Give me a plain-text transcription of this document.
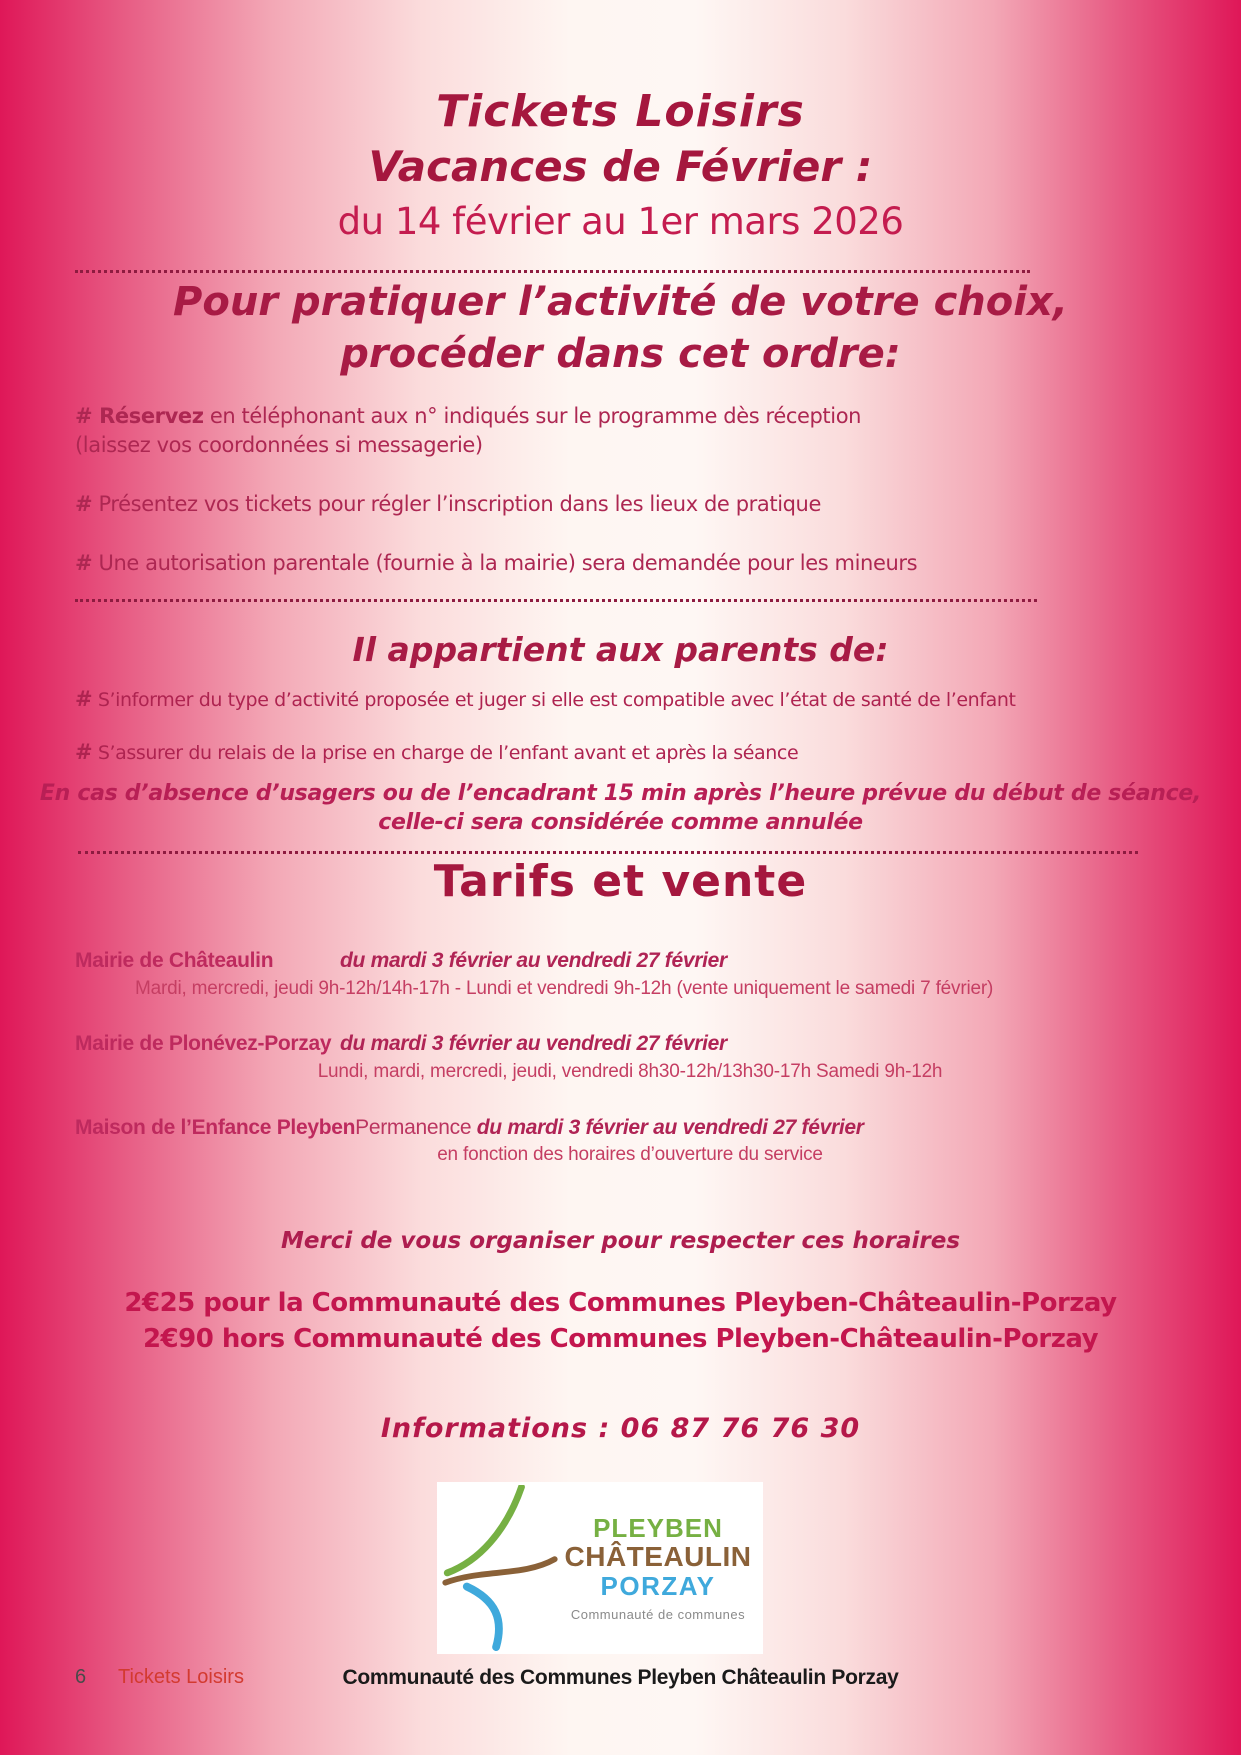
Tickets Loisirs
Vacances de Février :
du 14 février au 1er mars 2026
Pour pratiquer l’activité de votre choix,
procéder dans cet ordre:
# Réservez en téléphonant aux n° indiqués sur le programme dès réception
(laissez vos coordonnées si messagerie)
# Présentez vos tickets pour régler l’inscription dans les lieux de pratique
# Une autorisation parentale (fournie à la mairie) sera demandée pour les mineurs
Il appartient aux parents de:
# S’informer du type d’activité proposée et juger si elle est compatible avec l’état de santé de l’enfant
# S’assurer du relais de la prise en charge de l’enfant avant et après la séance
En cas d’absence d’usagers ou de l’encadrant 15 min après l’heure prévue du début de séance,
celle-ci sera considérée comme annulée
Tarifs et vente
Mairie de Châteaulin	du mardi 3 février au vendredi 27 février
Mardi, mercredi, jeudi 9h-12h/14h-17h - Lundi et vendredi 9h-12h (vente uniquement le samedi 7 février)
Mairie de Plonévez-Porzay du mardi 3 février au vendredi 27 février
Lundi, mardi, mercredi, jeudi, vendredi 8h30-12h/13h30-17h Samedi 9h-12h
Maison de l’Enfance PleybenPermanence du mardi 3 février au vendredi 27 février
en fonction des horaires d’ouverture du service
Merci de vous organiser pour respecter ces horaires
2€25 pour la Communauté des Communes Pleyben-Châteaulin-Porzay
2€90 hors Communauté des Communes Pleyben-Châteaulin-Porzay
Informations : 06 87 76 76 30
PLEYBEN
CHÂTEAULIN
PORZAY
Communauté de communes
Communauté des Communes Pleyben Châteaulin Porzay
6 Tickets Loisirs
